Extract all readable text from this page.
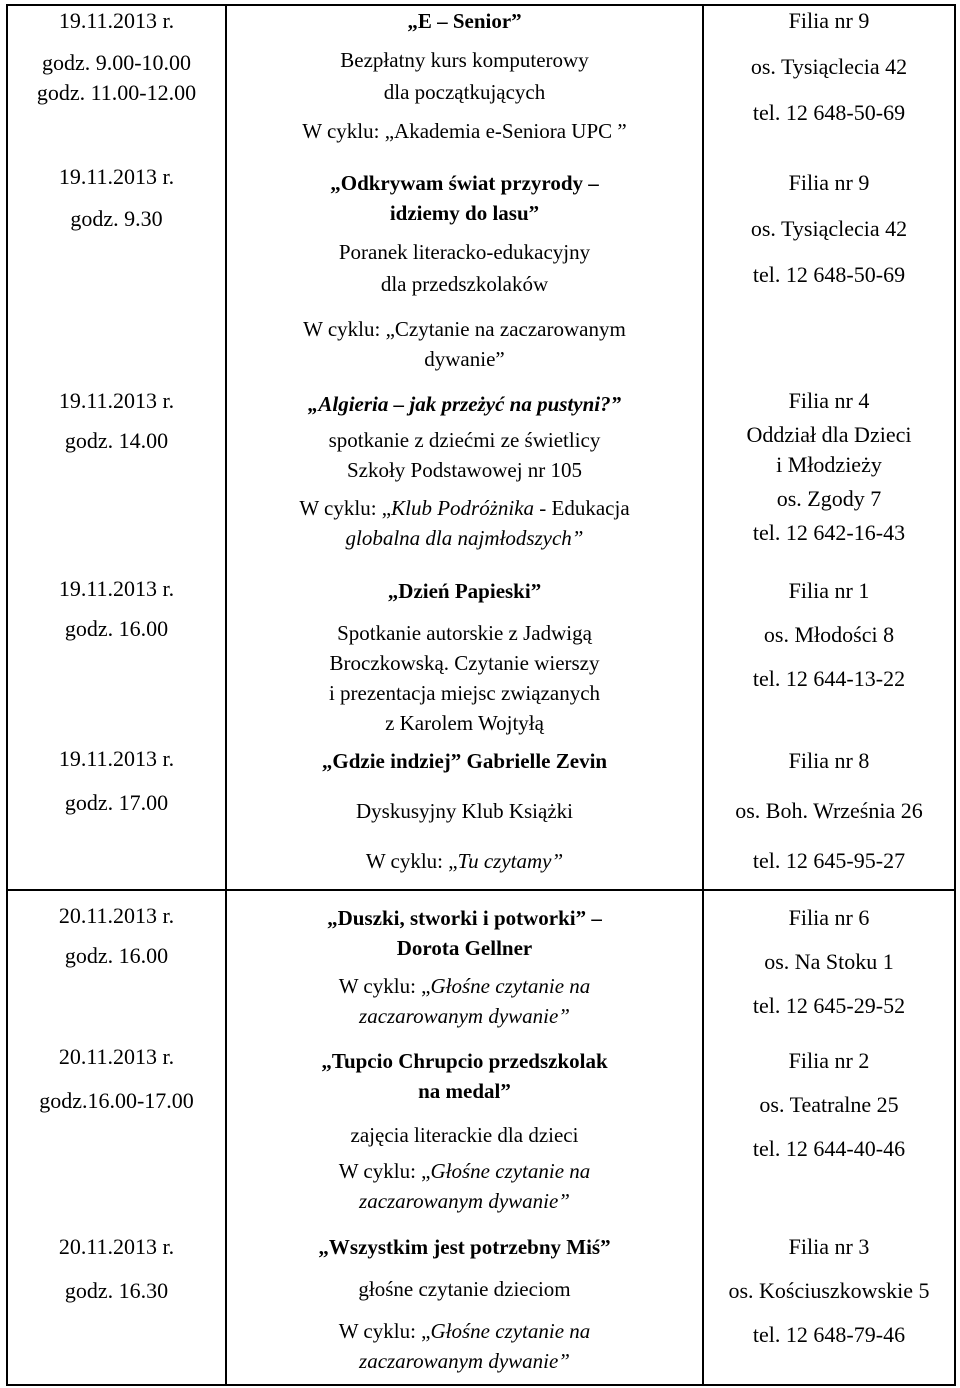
19.11.2013 r.
godz. 9.00-10.00
godz. 11.00-12.00
„E – Senior”
Bezpłatny kurs komputerowy
dla początkujących
W cyklu: „Akademia e-Seniora UPC ”
Filia nr 9
os. Tysiąclecia 42
tel. 12 648-50-69
19.11.2013 r.
godz. 9.30
„Odkrywam świat przyrody –
idziemy do lasu”
Poranek literacko-edukacyjny
dla przedszkolaków
W cyklu: „Czytanie na zaczarowanym
dywanie”
Filia nr 9
os. Tysiąclecia 42
tel. 12 648-50-69
19.11.2013 r.
godz. 14.00
„Algieria – jak przeżyć na pustyni?”
spotkanie z dziećmi ze świetlicy
Szkoły Podstawowej nr 105
W cyklu: „Klub Podróżnika - Edukacja
globalna dla najmłodszych”
Filia nr 4
Oddział dla Dzieci
i Młodzieży
os. Zgody 7
tel. 12 642-16-43
19.11.2013 r.
godz. 16.00
„Dzień Papieski”
Spotkanie autorskie z Jadwigą
Broczkowską. Czytanie wierszy
i prezentacja miejsc związanych
z Karolem Wojtyłą
Filia nr 1
os. Młodości 8
tel. 12 644-13-22
19.11.2013 r.
godz. 17.00
„Gdzie indziej” Gabrielle Zevin
Dyskusyjny Klub Książki
W cyklu: „Tu czytamy”
Filia nr 8
os. Boh. Września 26
tel. 12 645-95-27
20.11.2013 r.
godz. 16.00
„Duszki, stworki i potworki” –
Dorota Gellner
W cyklu: „Głośne czytanie na
zaczarowanym dywanie”
Filia nr 6
os. Na Stoku 1
tel. 12 645-29-52
20.11.2013 r.
godz.16.00-17.00
„Tupcio Chrupcio przedszkolak
na medal”
zajęcia literackie dla dzieci
W cyklu: „Głośne czytanie na
zaczarowanym dywanie”
Filia nr 2
os. Teatralne 25
tel. 12 644-40-46
20.11.2013 r.
godz. 16.30
„Wszystkim jest potrzebny Miś”
głośne czytanie dzieciom
W cyklu: „Głośne czytanie na
zaczarowanym dywanie”
Filia nr 3
os. Kościuszkowskie 5
tel. 12 648-79-46
